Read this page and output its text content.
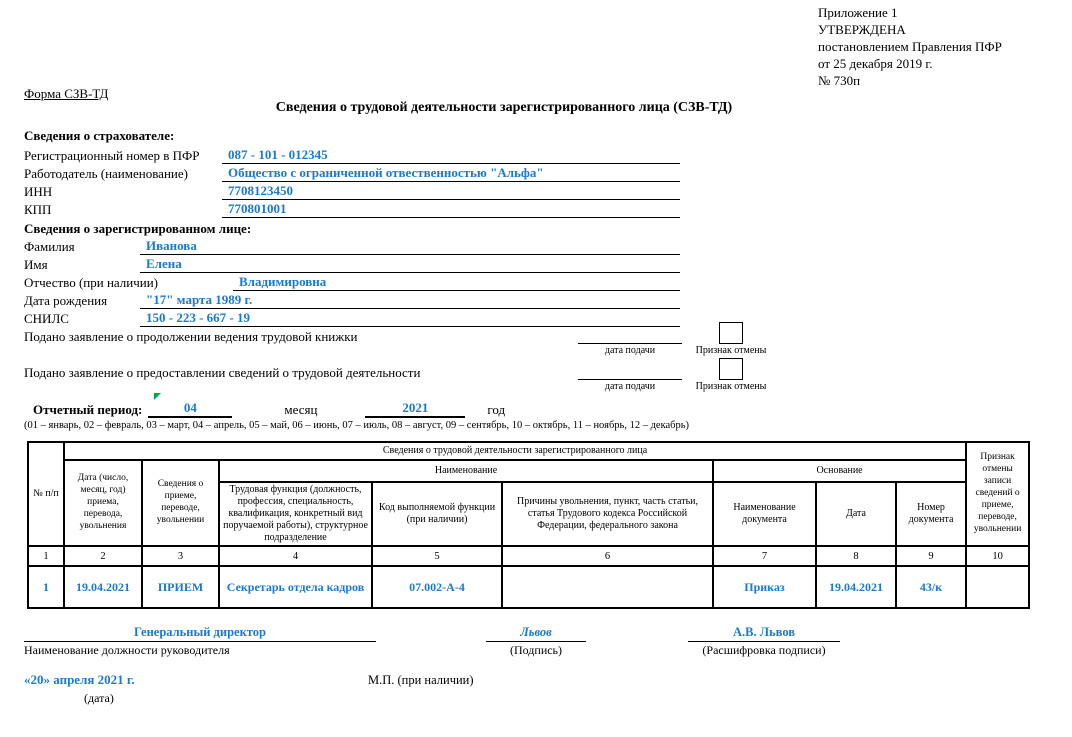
Приложение 1
УТВЕРЖДЕНА
постановлением Правления ПФР
от 25 декабря 2019 г.
№ 730п
Форма СЗВ-ТД
Сведения о трудовой деятельности зарегистрированного лица (СЗВ-ТД)
Сведения о страхователе:
Регистрационный номер в ПФР	087 - 101 - 012345
Работодатель (наименование)	Общество с ограниченной отвественностью "Альфа"
ИНН	7708123450
КПП	770801001
Сведения о зарегистрированном лице:
Фамилия	Иванова
Имя	Елена
Отчество (при наличии)	Владимировна
Дата рождения	"17" марта 1989 г.
СНИЛС	150 - 223 - 667 - 19
Подано заявление о продолжении ведения трудовой книжки
дата подачи	Признак отмены
Подано заявление о предоставлении сведений о трудовой деятельности
дата подачи	Признак отмены
Отчетный период:	04	месяц	2021	год
(01 – январь, 02 – февраль, 03 – март, 04 – апрель, 05 – май, 06 – июнь, 07 – июль, 08 – август, 09 – сентябрь, 10 – октябрь, 11 – ноябрь, 12 – декабрь)
№ п/п	Сведения о трудовой деятельности зарегистрированного лица								Признак отмены записи сведений о приеме, переводе, увольнении
	Дата (число, месяц, год) приема, перевода, увольнения	Сведения о приеме, переводе, увольнении	Наименование			Основание			
			Трудовая функция (должность, профессия, специальность, квалификация, конкретный вид поручаемой работы), структурное подразделение	Код выполняемой функции (при наличии)	Причины увольнения, пункт, часть статьи, статья Трудового кодекса Российской Федерации, федерального закона	Наименование документа	Дата	Номер документа	
1	2	3	4	5	6	7	8	9	10
1	19.04.2021	ПРИЕМ	Секретарь отдела кадров	07.002-А-4		Приказ	19.04.2021	43/к	
Генеральный директор
Наименование должности руководителя
Львов
(Подпись)
А.В. Львов
(Расшифровка подписи)
«20» апреля 2021 г.
(дата)
М.П. (при наличии)
